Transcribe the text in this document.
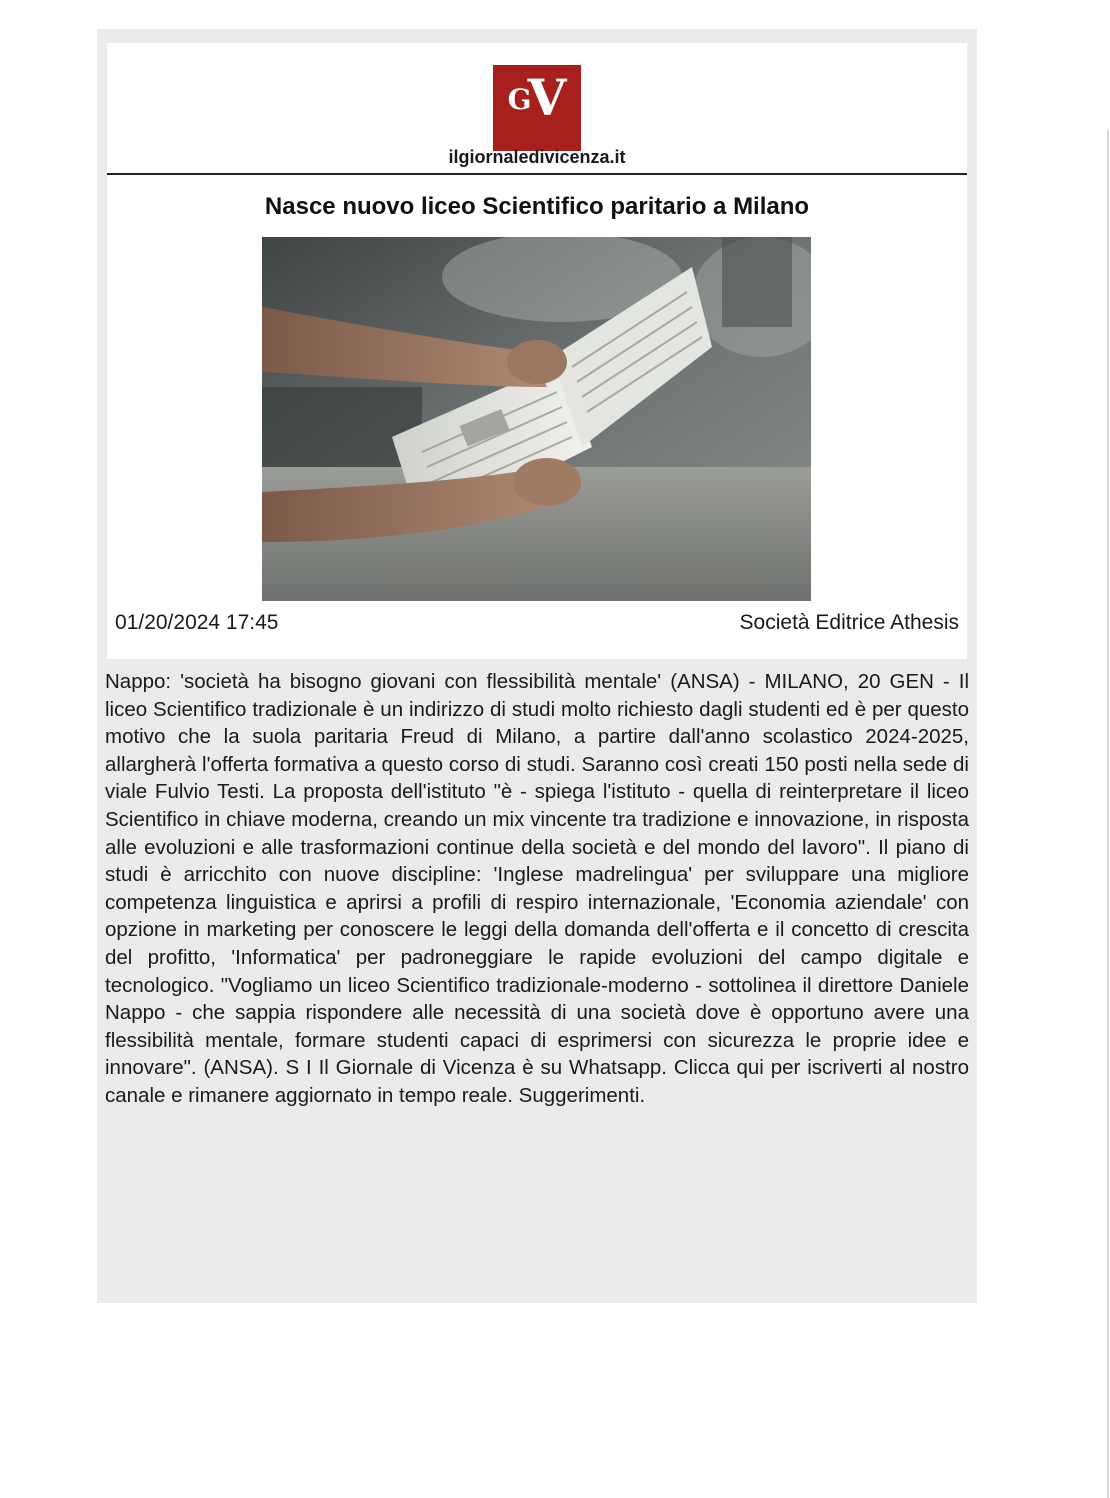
GV
ilgiornaledivicenza.it
Nasce nuovo liceo Scientifico paritario a Milano
01/20/2024 17:45	Società Editrice Athesis

Nappo: 'società ha bisogno giovani con flessibilità mentale' (ANSA) - MILANO, 20 GEN - Il liceo Scientifico tradizionale è un indirizzo di studi molto richiesto dagli studenti ed è per questo motivo che la suola paritaria Freud di Milano, a partire dall'anno scolastico 2024-2025, allargherà l'offerta formativa a questo corso di studi. Saranno così creati 150 posti nella sede di viale Fulvio Testi. La proposta dell'istituto "è - spiega l'istituto - quella di reinterpretare il liceo Scientifico in chiave moderna, creando un mix vincente tra tradizione e innovazione, in risposta alle evoluzioni e alle trasformazioni continue della società e del mondo del lavoro". Il piano di studi è arricchito con nuove discipline: 'Inglese madrelingua' per sviluppare una migliore competenza linguistica e aprirsi a profili di respiro internazionale, 'Economia aziendale' con opzione in marketing per conoscere le leggi della domanda dell'offerta e il concetto di crescita del profitto, 'Informatica' per padroneggiare le rapide evoluzioni del campo digitale e tecnologico. "Vogliamo un liceo Scientifico tradizionale-moderno - sottolinea il direttore Daniele Nappo - che sappia rispondere alle necessità di una società dove è opportuno avere una flessibilità mentale, formare studenti capaci di esprimersi con sicurezza le proprie idee e innovare". (ANSA). S I Il Giornale di Vicenza è su Whatsapp. Clicca qui per iscriverti al nostro canale e rimanere aggiornato in tempo reale. Suggerimenti.
